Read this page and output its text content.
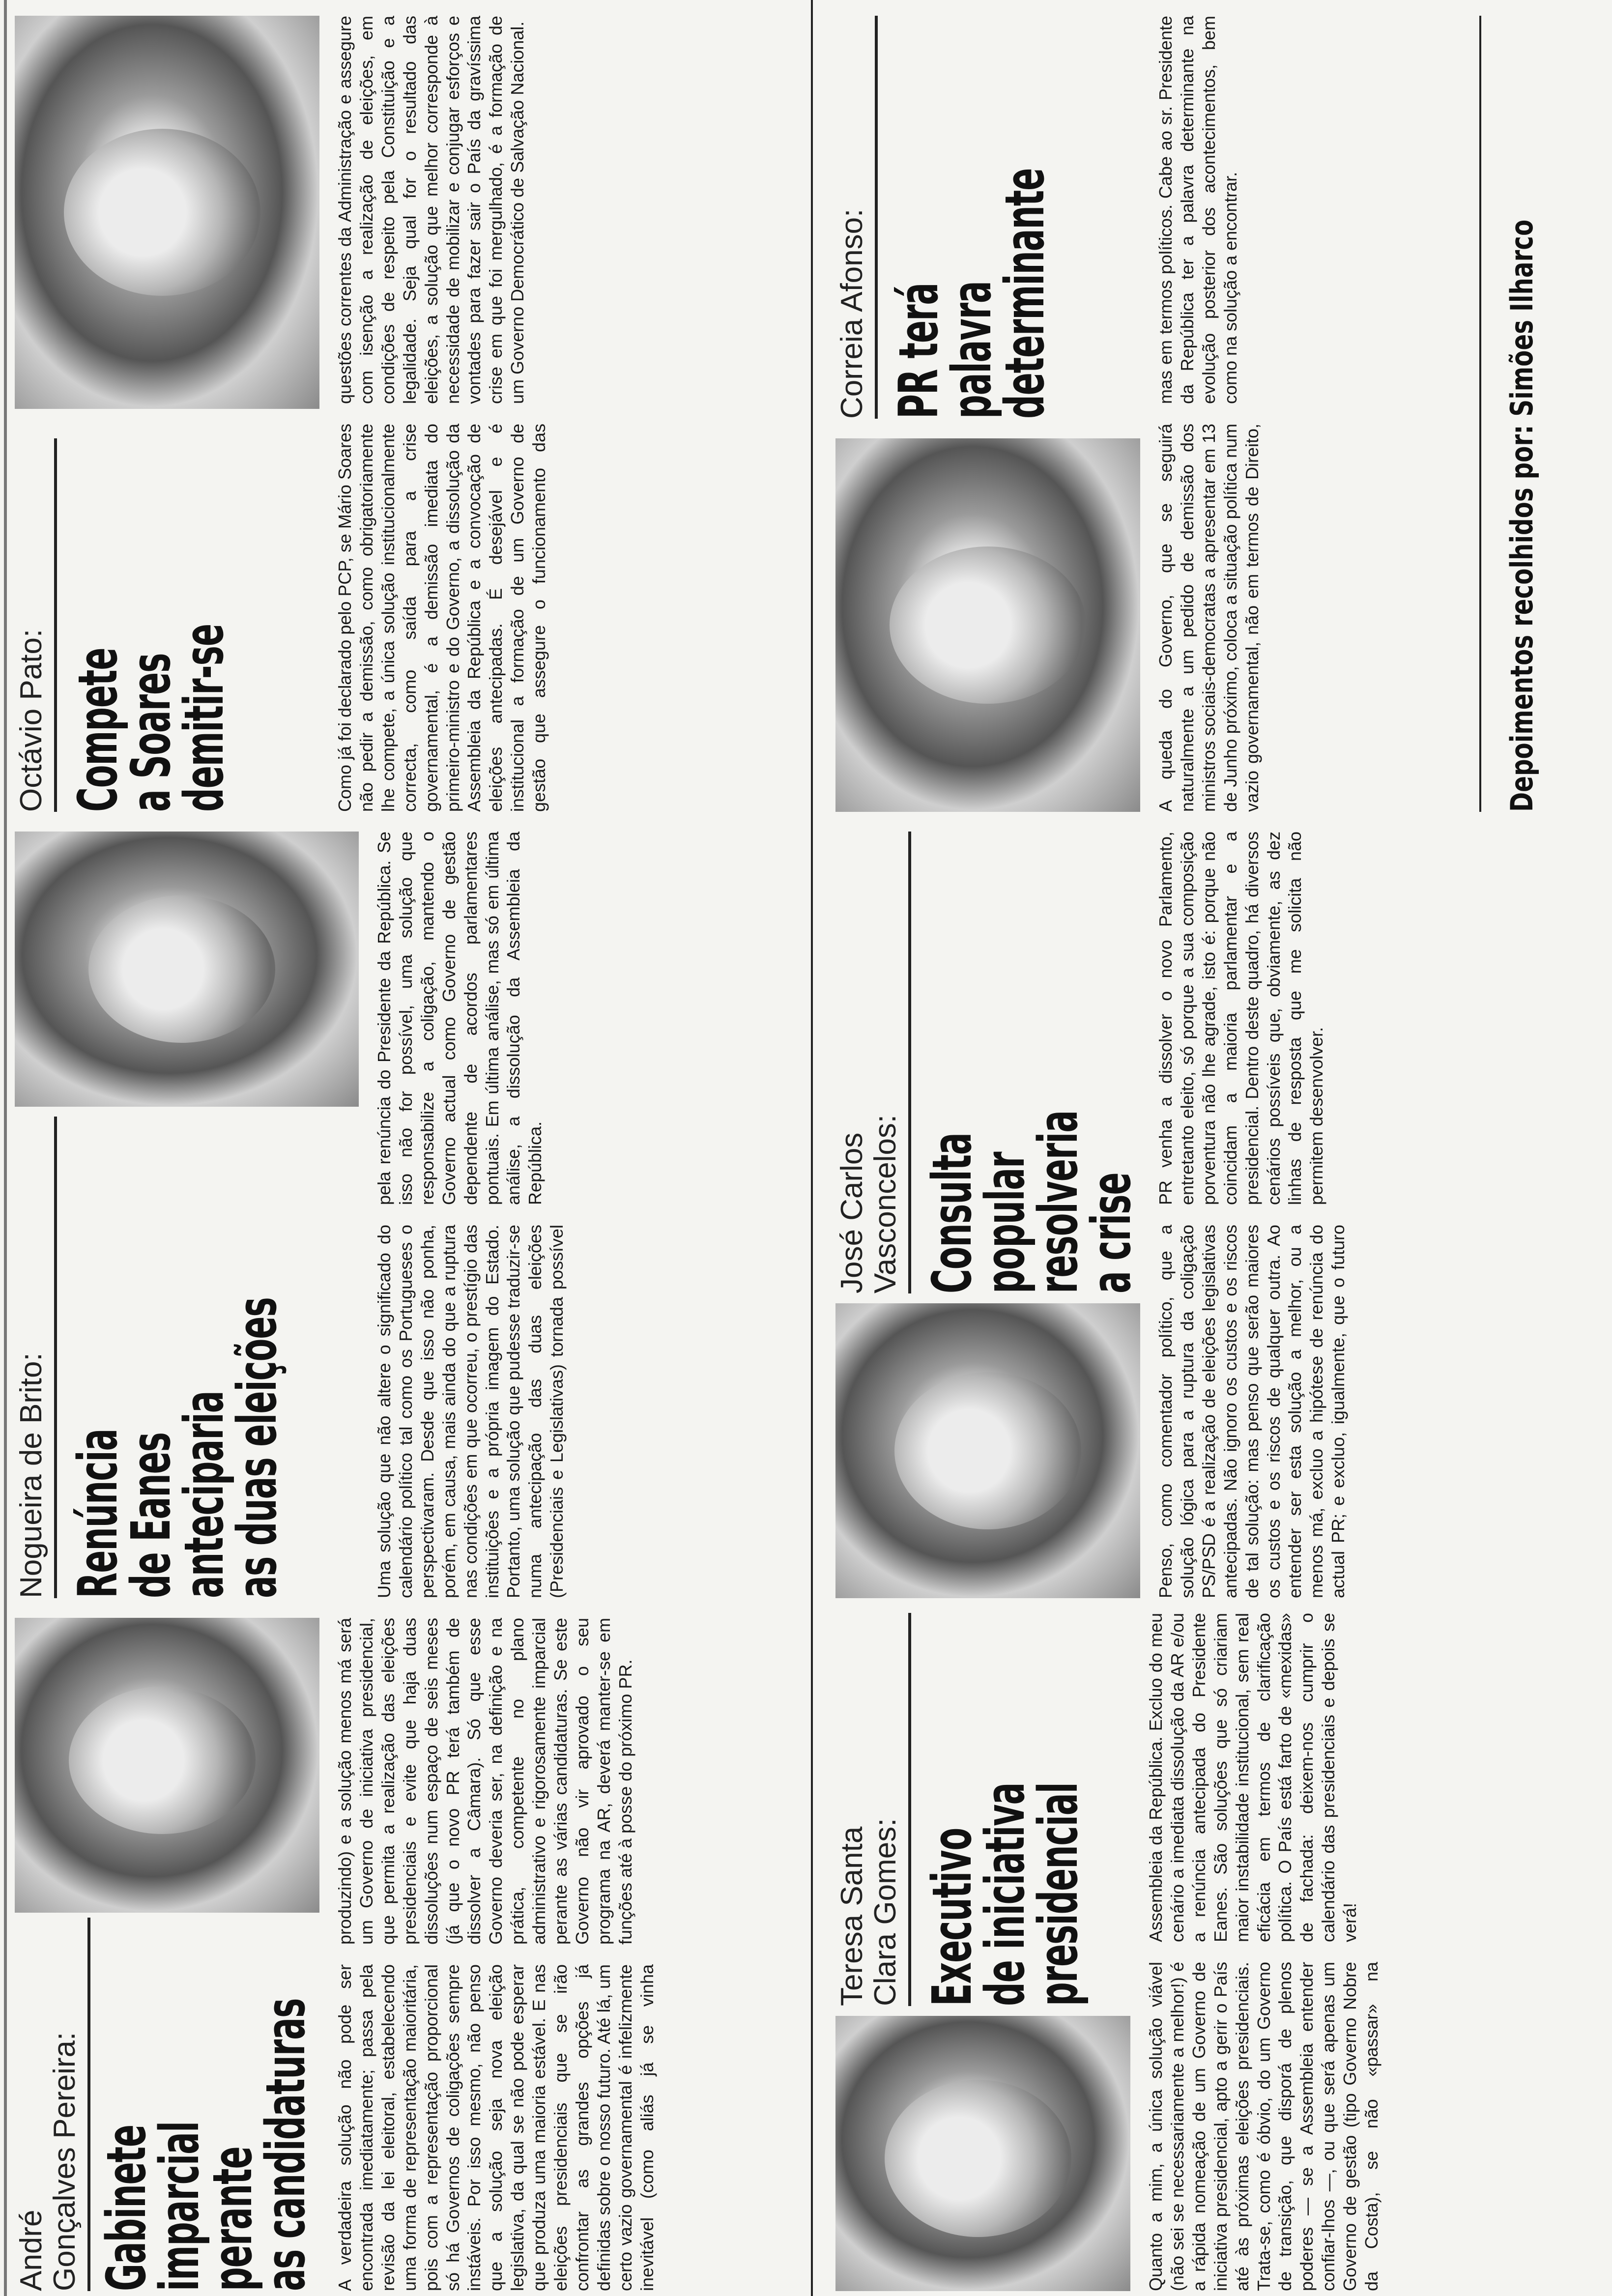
André Gonçalves Pereira: Gabinete
imparcial
perante
as candidaturas A verdadeira solução não pode ser encontrada imediatamente; passa pela revisão da lei eleitoral, estabelecendo uma forma de representação maioritária, pois com a representação proporcional só há Governos de coligações sempre instáveis. Por isso mesmo, não penso que a solução seja nova eleição legislativa, da qual se não pode esperar que produza uma maioria estável. E nas eleições presidenciais que se irão confrontar as grandes opções já definidas sobre o nosso futuro. Até lá, um certo vazio governamental é infelizmente inevitável (como aliás já se vinha produzindo) e a solução menos má será um Governo de iniciativa presidencial, que permita a realização das eleições presidenciais e evite que haja duas dissoluções num espaço de seis meses (já que o novo PR terá também de dissolver a Câmara). Só que esse Governo deveria ser, na definição e na prática, competente no plano administrativo e rigorosamente imparcial perante as várias candidaturas. Se este Governo não vir aprovado o seu programa na AR, deverá manter-se em funções até à posse do próximo PR.
Nogueira de Brito: Renúncia
de Eanes
anteciparia
as duas eleições	Uma solução que não altere o significado do calendário político tal como os Portugueses o perspectivaram. Desde que isso não ponha, porém, em causa, mais ainda do que a ruptura nas condições em que ocorreu, o prestígio das instituições e a própria imagem do Estado. Portanto, uma solução que pudesse traduzir-se numa antecipação das duas eleições (Presidenciais e Legislativas) tornada possível pela renúncia do Presidente da República. Se isso não for possível, uma solução que responsabilize a coligação, mantendo o Governo actual como Governo de gestão dependente de acordos parlamentares pontuais. Em última análise, mas só em última análise, a dissolução da Assembleia da República.
Octávio Pato: Compete
a Soares
demitir-se	Como já foi declarado pelo PCP, se Mário Soares não pedir a demissão, como obrigatoriamente lhe compete, a única solução institucionalmente correcta, como saída para a crise governamental, é a demissão imediata do primeiro-ministro e do Governo, a dissolução da Assembleia da República e a convocação de eleições antecipadas. É desejável e é institucional a formação de um Governo de gestão que assegure o funcionamento das questões correntes da Administração e assegure com isenção a realização de eleições, em condições de respeito pela Constituição e a legalidade. Seja qual for o resultado das eleições, a solução que melhor corresponde à necessidade de mobilizar e conjugar esforços e vontades para fazer sair o País da gravíssima crise em que foi mergulhado, é a formação de um Governo Democrático de Salvação Nacional.
Teresa Santa Clara Gomes: Executivo
de iniciativa
presidencial
Quanto a mim, a única solução viável (não sei se necessariamente a melhor!) é a rápida nomeação de um Governo de iniciativa presidencial, apto a gerir o País até às próximas eleições presidenciais. Trata-se, como é óbvio, do um Governo de transição, que disporá de plenos poderes — se a Assembleia entender confiar-lhos —, ou que será apenas um Governo de gestão (tipo Governo Nobre da Costa), se não «passar» na Assembleia da República. Excluo do meu cenário a imediata dissolução da AR e/ou a renúncia antecipada do Presidente Eanes. São soluções que só criariam maior instabilidade institucional, sem real eficácia em termos de clarificação política. O País está farto de «mexidas» de fachada: deixem-nos cumprir o calendário das presidenciais e depois se verá!
José Carlos Vasconcelos: Consulta
popular
resolveria
a crise Penso, como comentador político, que a solução lógica para a ruptura da coligação PS/PSD é a realização de eleições legislativas antecipadas. Não ignoro os custos e os riscos de tal solução: mas penso que serão maiores os custos e os riscos de qualquer outra. Ao entender ser esta solução a melhor, ou a menos má, excluo a hipótese de renúncia do actual PR; e excluo, igualmente, que o futuro PR venha a dissolver o novo Parlamento, entretanto eleito, só porque a sua composição porventura não lhe agrade, isto é: porque não coincidam a maioria parlamentar e a presidencial. Dentro deste quadro, há diversos cenários possíveis que, obviamente, as dez linhas de resposta que me solicita não permitem desenvolver.
Correia Afonso: PR terá
palavra
determinante
A queda do Governo, que se seguirá naturalmente a um pedido de demissão dos ministros sociais-democratas a apresentar em 13 de Junho próximo, coloca a situação política num vazio governamental, não em termos de Direito, mas em termos políticos. Cabe ao sr. Presidente da República ter a palavra determinante na evolução posterior dos acontecimentos, bem como na solução a encontrar.	Depoimentos recolhidos por: Simões Ilharco
